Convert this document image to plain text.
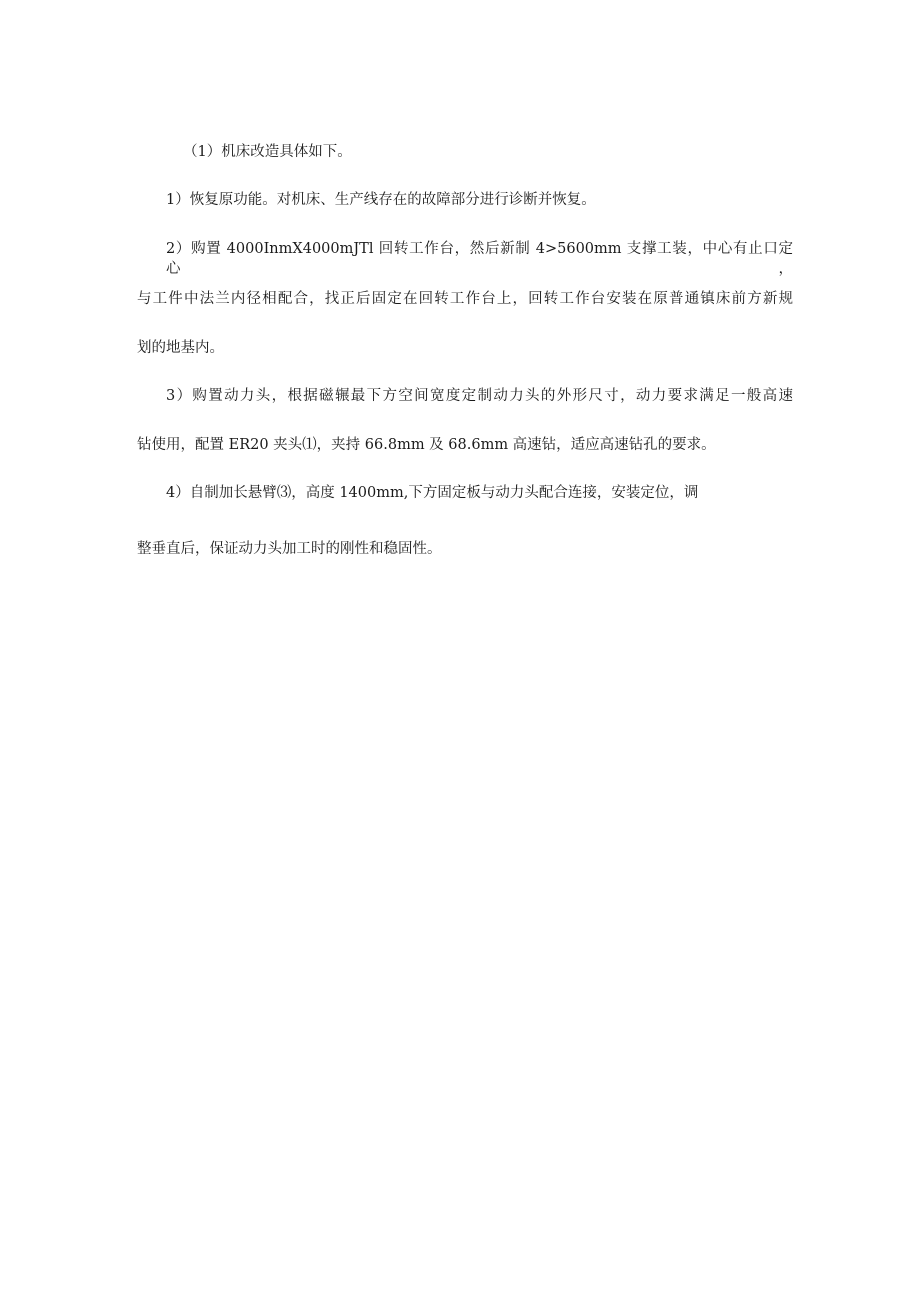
（1）机床改造具体如下。
1）恢复原功能。对机床、生产线存在的故障部分进行诊断并恢复。
2）购置 4000InmX4000mJTl 回转工作台，然后新制 4>5600mm 支撑工装，中心有止口定心，
与工件中法兰内径相配合，找正后固定在回转工作台上，回转工作台安装在原普通镇床前方新规
划的地基内。
3）购置动力头，根据磁辗最下方空间宽度定制动力头的外形尺寸，动力要求满足一般高速
钻使用，配置 ER20 夹头⑴，夹持 66.8mm 及 68.6mm 高速钻，适应高速钻孔的要求。
4）自制加长悬臂⑶，高度 1400mm,下方固定板与动力头配合连接，安装定位，调
整垂直后，保证动力头加工时的刚性和稳固性。
